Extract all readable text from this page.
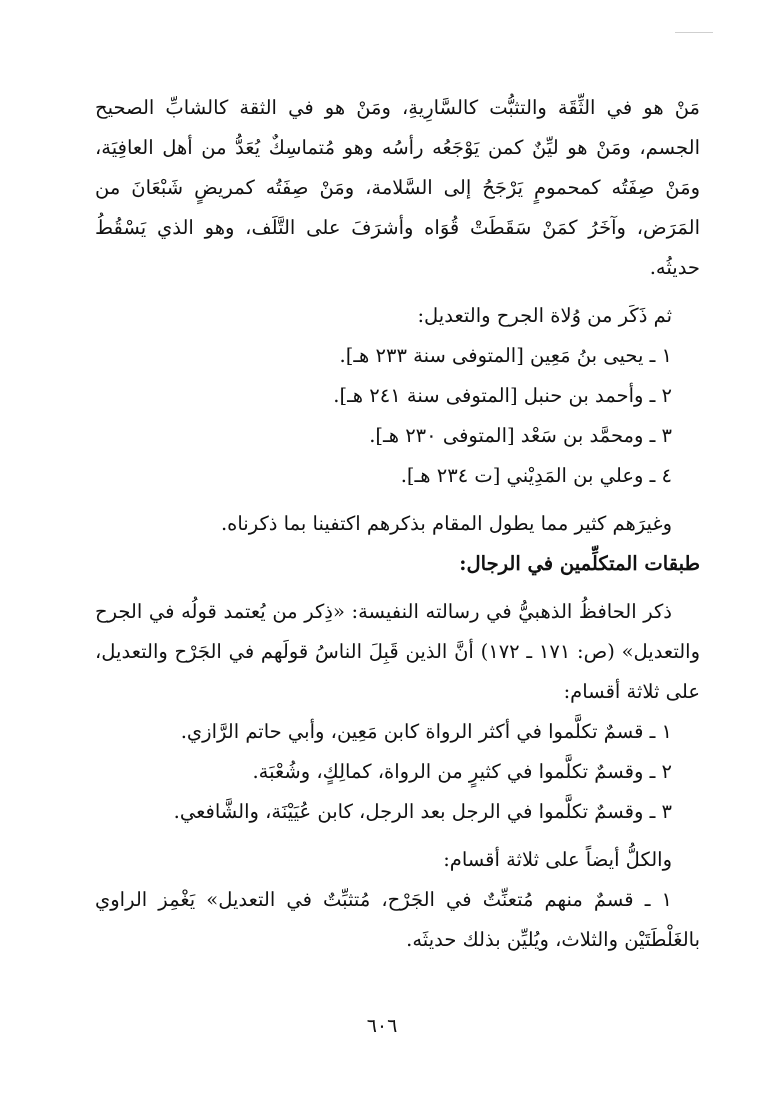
مَنْ هو في الثِّقَة والتثبُّت كالسَّارِيةِ، ومَنْ هو في الثقة كالشابِّ الصحيح الجسم، ومَنْ هو ليِّنٌ كمن يَوْجَعُه رأسُه وهو مُتماسِكٌ يُعَدُّ من أهل العافِيَة، ومَنْ صِفَتُه كمحمومٍ يَرْجَحُ إلى السَّلامة، ومَنْ صِفَتُه كمريضٍ شَبْعَانَ من المَرَض، وآخَرُ كمَنْ سَقَطَتْ قُوَاه وأشرَفَ على التَّلَف، وهو الذي يَسْقُطُ حديثُه.

ثم ذَكَر من وُلاة الجرح والتعديل:

١ ـ يحيى بنُ مَعِين [المتوفى سنة ٢٣٣ هـ].

٢ ـ وأحمد بن حنبل [المتوفى سنة ٢٤١ هـ].

٣ ـ ومحمَّد بن سَعْد [المتوفى ٢٣٠ هـ].

٤ ـ وعلي بن المَدِيْني [ت ٢٣٤ هـ].

وغيرَهم كثير مما يطول المقام بذكرهم اكتفينا بما ذكرناه.

طبقات المتكلِّمين في الرجال:

ذكر الحافظُ الذهبيُّ في رسالته النفيسة: «ذِكر من يُعتمد قولُه في الجرح والتعديل» (ص: ١٧١ ـ ١٧٢) أنَّ الذين قَبِلَ الناسُ قولَهم في الجَرْح والتعديل، على ثلاثة أقسام:

١ ـ قسمٌ تكلَّموا في أكثر الرواة كابن مَعِين، وأبي حاتم الرَّازي.

٢ ـ وقسمٌ تكلَّموا في كثيرٍ من الرواة، كمالِكٍ، وشُعْبَة.

٣ ـ وقسمٌ تكلَّموا في الرجل بعد الرجل، كابن عُيَيْنَة، والشَّافعي.

والكلُّ أيضاً على ثلاثة أقسام:

١ ـ قسمٌ منهم مُتعنِّتٌ في الجَرْح، مُتثبِّتٌ في التعديل» يَغْمِز الراوي بالغَلْطَتَيْن والثلاث، ويُليِّن بذلك حديثَه.

٦٠٦
